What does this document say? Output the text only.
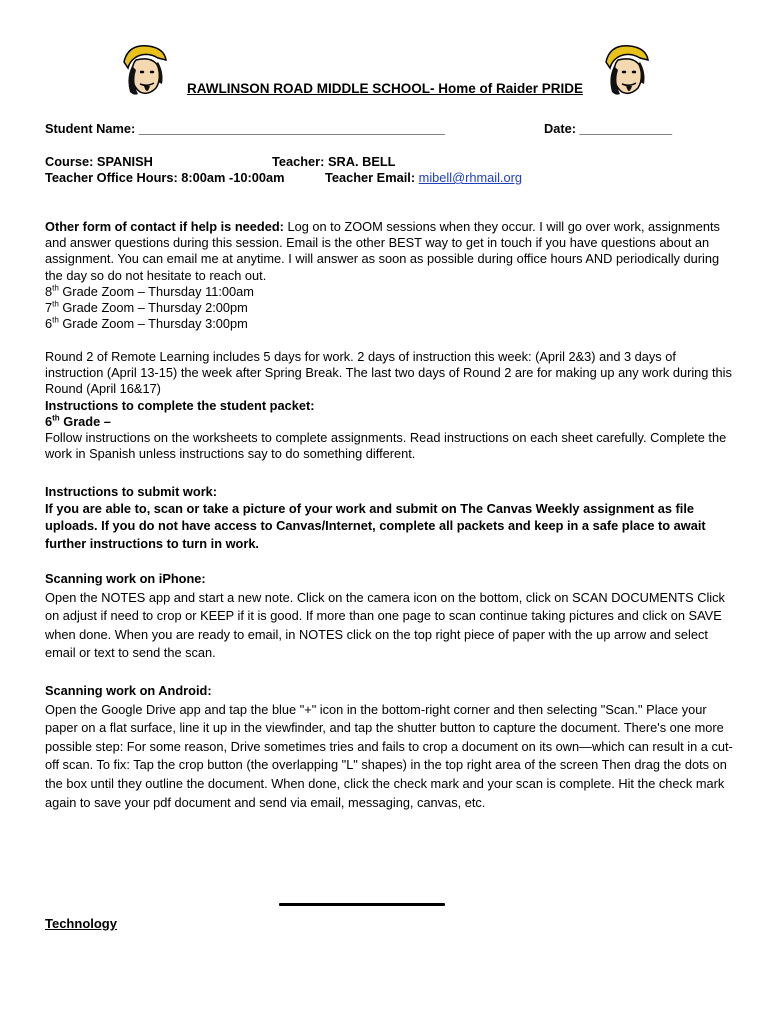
RAWLINSON ROAD MIDDLE SCHOOL- Home of Raider PRIDE
Student Name: ___________________________________________	Date: _____________
Course: SPANISH	Teacher: SRA. BELL
Teacher Office Hours: 8:00am -10:00am	Teacher Email: mibell@rhmail.org

Other form of contact if help is needed: Log on to ZOOM sessions when they occur. I will go over work, assignments and answer questions during this session. Email is the other BEST way to get in touch if you have questions about an assignment. You can email me at anytime. I will answer as soon as possible during office hours AND periodically during the day so do not hesitate to reach out.

8th Grade Zoom – Thursday 11:00am

7th Grade Zoom – Thursday 2:00pm

6th Grade Zoom – Thursday 3:00pm

Round 2 of Remote Learning includes 5 days for work. 2 days of instruction this week: (April 2&3) and 3 days of instruction (April 13-15) the week after Spring Break. The last two days of Round 2 are for making up any work during this Round (April 16&17)

Instructions to complete the student packet:

6th Grade –

Follow instructions on the worksheets to complete assignments. Read instructions on each sheet carefully. Complete the work in Spanish unless instructions say to do something different.

Instructions to submit work:

If you are able to, scan or take a picture of your work and submit on The Canvas Weekly assignment as file uploads. If you do not have access to Canvas/Internet, complete all packets and keep in a safe place to await further instructions to turn in work.

Scanning work on iPhone:

Open the NOTES app and start a new note. Click on the camera icon on the bottom, click on SCAN DOCUMENTS Click on adjust if need to crop or KEEP if it is good. If more than one page to scan continue taking pictures and click on SAVE when done. When you are ready to email, in NOTES click on the top right piece of paper with the up arrow and select email or text to send the scan.

Scanning work on Android:

Open the Google Drive app and tap the blue "+" icon in the bottom-right corner and then selecting "Scan." Place your paper on a flat surface, line it up in the viewfinder, and tap the shutter button to capture the document. There's one more possible step: For some reason, Drive sometimes tries and fails to crop a document on its own—which can result in a cut-off scan. To fix: Tap the crop button (the overlapping "L" shapes) in the top right area of the screen Then drag the dots on the box until they outline the document. When done, click the check mark and your scan is complete. Hit the check mark again to save your pdf document and send via email, messaging, canvas, etc.

Technology
